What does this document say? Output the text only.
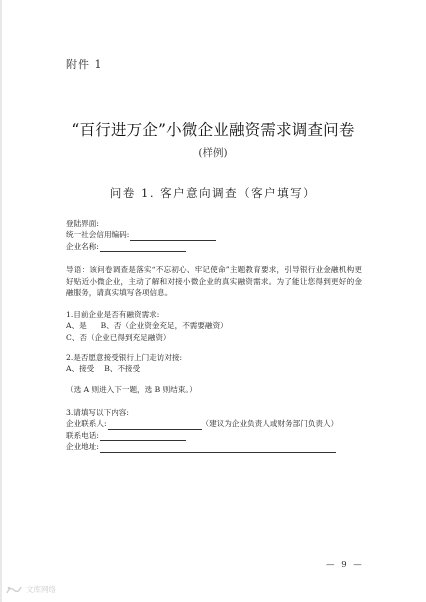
附件 1
“百行进万企”小微企业融资需求调查问卷
(样例)
问卷 1. 客户意向调查（客户填写）
登陆界面:
统一社会信用编码:
企业名称:
导语：该问卷调查是落实“不忘初心、牢记使命”主题教育要求，引导银行业金融机构更好贴近小微企业，主动了解和对接小微企业的真实融资需求。为了能让您得到更好的金融服务，请真实填写各项信息。
1.目前企业是否有融资需求:
A、是 B、否（企业资金充足，不需要融资）
C、否（企业已得到充足融资）
2.是否愿意接受银行上门走访对接:
A、接受 B、不接受
（选 A 则进入下一题，选 B 则结束。）
3.请填写以下内容:
企业联系人:	（建议为企业负责人或财务部门负责人）
联系电话:
企业地址:
— 9 —
文库网络
